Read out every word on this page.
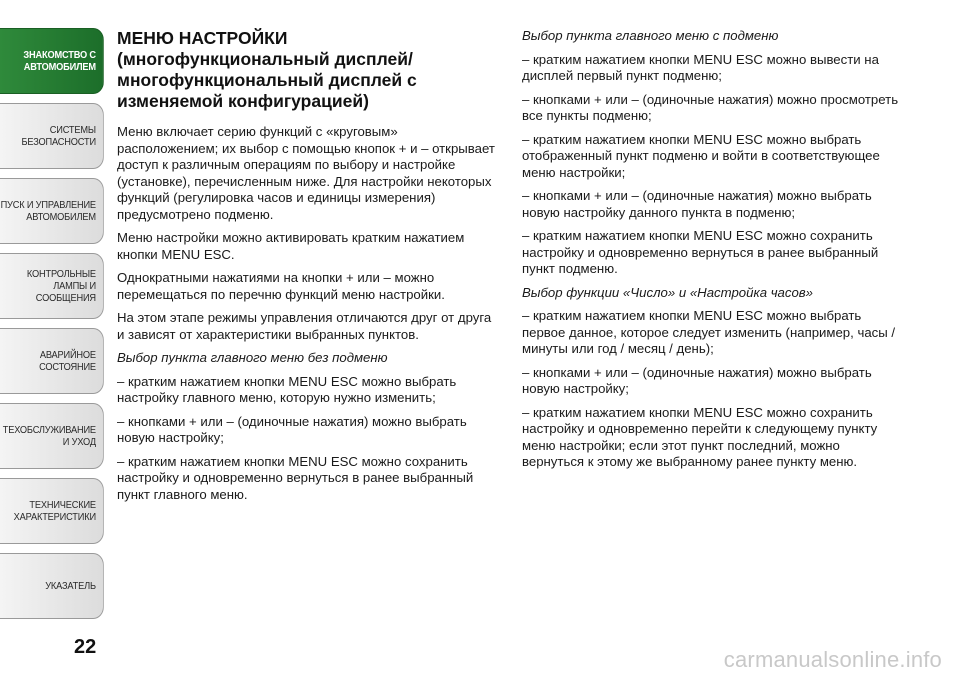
ЗНАКОМСТВО С
АВТОМОБИЛЕМ
СИСТЕМЫ
БЕЗОПАСНОСТИ
ПУСК И УПРАВЛЕНИЕ
АВТОМОБИЛЕМ
КОНТРОЛЬНЫЕ
ЛАМПЫ И
СООБЩЕНИЯ
АВАРИЙНОЕ
СОСТОЯНИЕ
ТЕХОБСЛУЖИВАНИЕ
И УХОД
ТЕХНИЧЕСКИЕ
ХАРАКТЕРИСТИКИ
УКАЗАТЕЛЬ
22
МЕНЮ НАСТРОЙКИ (многофункциональный дисплей/многофункциональный дисплей с изменяемой конфигурацией)

Меню включает серию функций с «круговым» расположением; их выбор с помощью кнопок + и – открывает доступ к различным операциям по выбору и настройке (установке), перечисленным ниже. Для настройки некоторых функций (регулировка часов и единицы измерения) предусмотрено подменю.

Меню настройки можно активировать кратким нажатием кнопки MENU ESC.

Однократными нажатиями на кнопки + или – можно перемещаться по перечню функций меню настройки.

На этом этапе режимы управления отличаются друг от друга и зависят от характеристики выбранных пунктов.

Выбор пункта главного меню без подменю

– кратким нажатием кнопки MENU ESC можно выбрать настройку главного меню, которую нужно изменить;

– кнопками + или – (одиночные нажатия) можно выбрать новую настройку;

– кратким нажатием кнопки MENU ESC можно сохранить настройку и одновременно вернуться в ранее выбранный пункт главного меню.

Выбор пункта главного меню с подменю

– кратким нажатием кнопки MENU ESC можно вывести на дисплей первый пункт подменю;

– кнопками + или – (одиночные нажатия) можно просмотреть все пункты подменю;

– кратким нажатием кнопки MENU ESC можно выбрать отображенный пункт подменю и войти в соответствующее меню настройки;

– кнопками + или – (одиночные нажатия) можно выбрать новую настройку данного пункта в подменю;

– кратким нажатием кнопки MENU ESC можно сохранить настройку и одновременно вернуться в ранее выбранный пункт подменю.

Выбор функции «Число» и «Настройка часов»

– кратким нажатием кнопки MENU ESC можно выбрать первое данное, которое следует изменить (например, часы / минуты или год / месяц / день);

– кнопками + или – (одиночные нажатия) можно выбрать новую настройку;

– кратким нажатием кнопки MENU ESC можно сохранить настройку и одновременно перейти к следующему пункту меню настройки; если этот пункт последний, можно вернуться к этому же выбранному ранее пункту меню.

carmanualsonline.info
